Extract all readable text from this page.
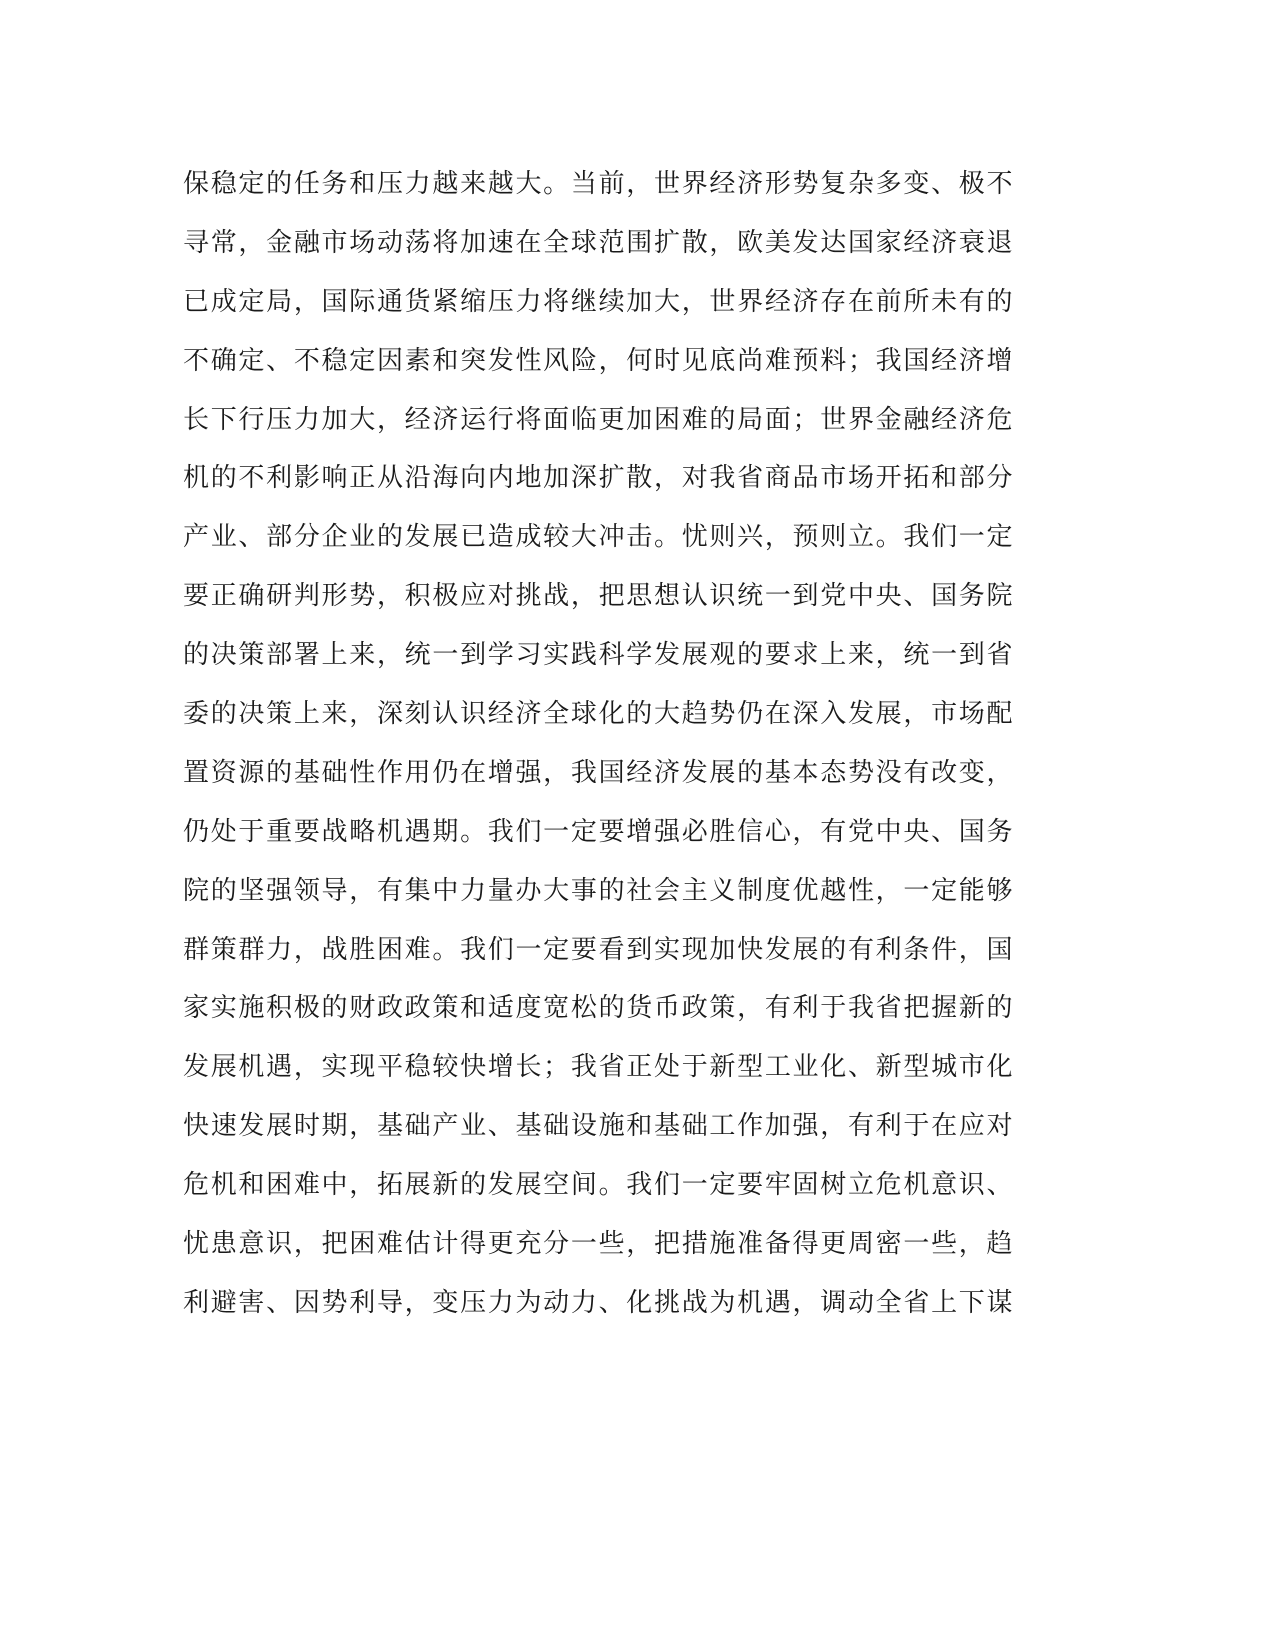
保稳定的任务和压力越来越大。当前，世界经济形势复杂多变、极不
寻常，金融市场动荡将加速在全球范围扩散，欧美发达国家经济衰退
已成定局，国际通货紧缩压力将继续加大，世界经济存在前所未有的
不确定、不稳定因素和突发性风险，何时见底尚难预料；我国经济增
长下行压力加大，经济运行将面临更加困难的局面；世界金融经济危
机的不利影响正从沿海向内地加深扩散，对我省商品市场开拓和部分
产业、部分企业的发展已造成较大冲击。忧则兴，预则立。我们一定
要正确研判形势，积极应对挑战，把思想认识统一到党中央、国务院
的决策部署上来，统一到学习实践科学发展观的要求上来，统一到省
委的决策上来，深刻认识经济全球化的大趋势仍在深入发展，市场配
置资源的基础性作用仍在增强，我国经济发展的基本态势没有改变，
仍处于重要战略机遇期。我们一定要增强必胜信心，有党中央、国务
院的坚强领导，有集中力量办大事的社会主义制度优越性，一定能够
群策群力，战胜困难。我们一定要看到实现加快发展的有利条件，国
家实施积极的财政政策和适度宽松的货币政策，有利于我省把握新的
发展机遇，实现平稳较快增长；我省正处于新型工业化、新型城市化
快速发展时期，基础产业、基础设施和基础工作加强，有利于在应对
危机和困难中，拓展新的发展空间。我们一定要牢固树立危机意识、
忧患意识，把困难估计得更充分一些，把措施准备得更周密一些，趋
利避害、因势利导，变压力为动力、化挑战为机遇，调动全省上下谋
